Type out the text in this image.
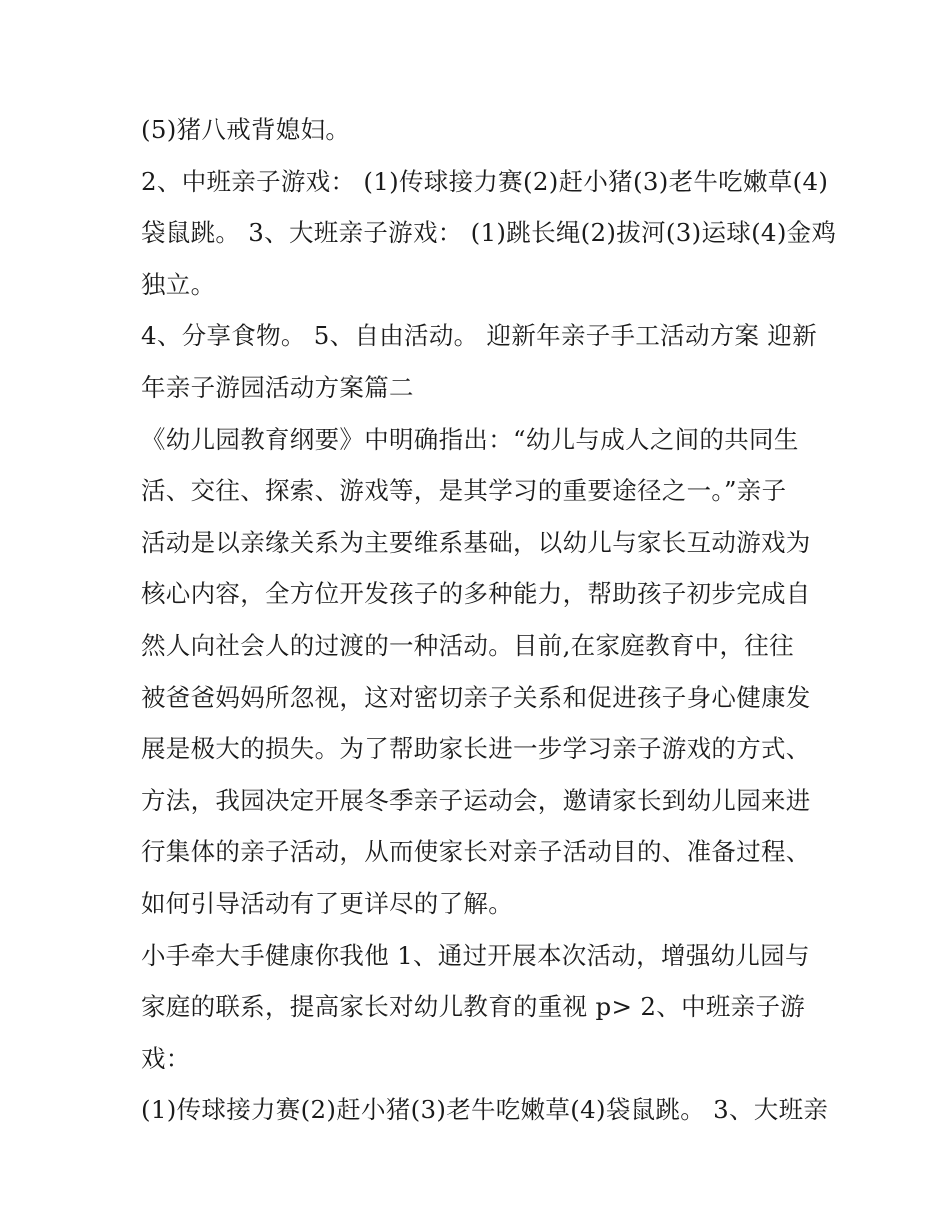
(5)猪八戒背媳妇。
2、中班亲子游戏： (1)传球接力赛(2)赶小猪(3)老牛吃嫩草(4)
袋鼠跳。 3、大班亲子游戏： (1)跳长绳(2)拔河(3)运球(4)金鸡
独立。
4、分享食物。 5、自由活动。 迎新年亲子手工活动方案 迎新
年亲子游园活动方案篇二
《幼儿园教育纲要》中明确指出：“幼儿与成人之间的共同生
活、交往、探索、游戏等，是其学习的重要途径之一。”亲子
活动是以亲缘关系为主要维系基础，以幼儿与家长互动游戏为
核心内容，全方位开发孩子的多种能力，帮助孩子初步完成自
然人向社会人的过渡的一种活动。目前,在家庭教育中，往往
被爸爸妈妈所忽视，这对密切亲子关系和促进孩子身心健康发
展是极大的损失。为了帮助家长进一步学习亲子游戏的方式、
方法，我园决定开展冬季亲子运动会，邀请家长到幼儿园来进
行集体的亲子活动，从而使家长对亲子活动目的、准备过程、
如何引导活动有了更详尽的了解。
小手牵大手健康你我他 1、通过开展本次活动，增强幼儿园与
家庭的联系，提高家长对幼儿教育的重视 p> 2、中班亲子游
戏：
(1)传球接力赛(2)赶小猪(3)老牛吃嫩草(4)袋鼠跳。 3、大班亲
